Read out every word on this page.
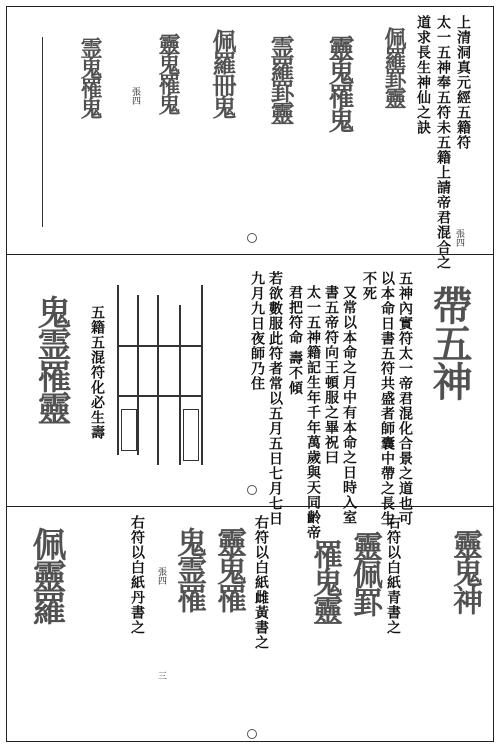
上清洞真元經五籍符
太一五神奉五符未五籍上請帝君混合之
道求長生神仙之訣
張四
佩羅罫靈
靈鬼罹鬼
霊羅罫靈
佩羅冊鬼
靈鬼罹鬼
張四
霊鬼罹鬼
帶五神
五神內實符太一帝君混化合景之道也可
以本命日書五符共盛者師囊中帶之長生
不死
又常以本命之月中有本命之日時入室
書五帝符向王頓服之畢祝曰
太一五神籍記生年千年萬歲與天同齡帝
君把符命 壽不傾
若欲數服此符者常以五月五日七月七日
九月九日夜師乃住
五籍五混符化必生壽
鬼霊罹靈
靈鬼神
右符以白紙青書之
靈佩罫
罹鬼靈
右符以白紙雌黃書之
靈鬼罹
鬼霊罹
張四
右符以白紙丹書之
三
佩靈羅
